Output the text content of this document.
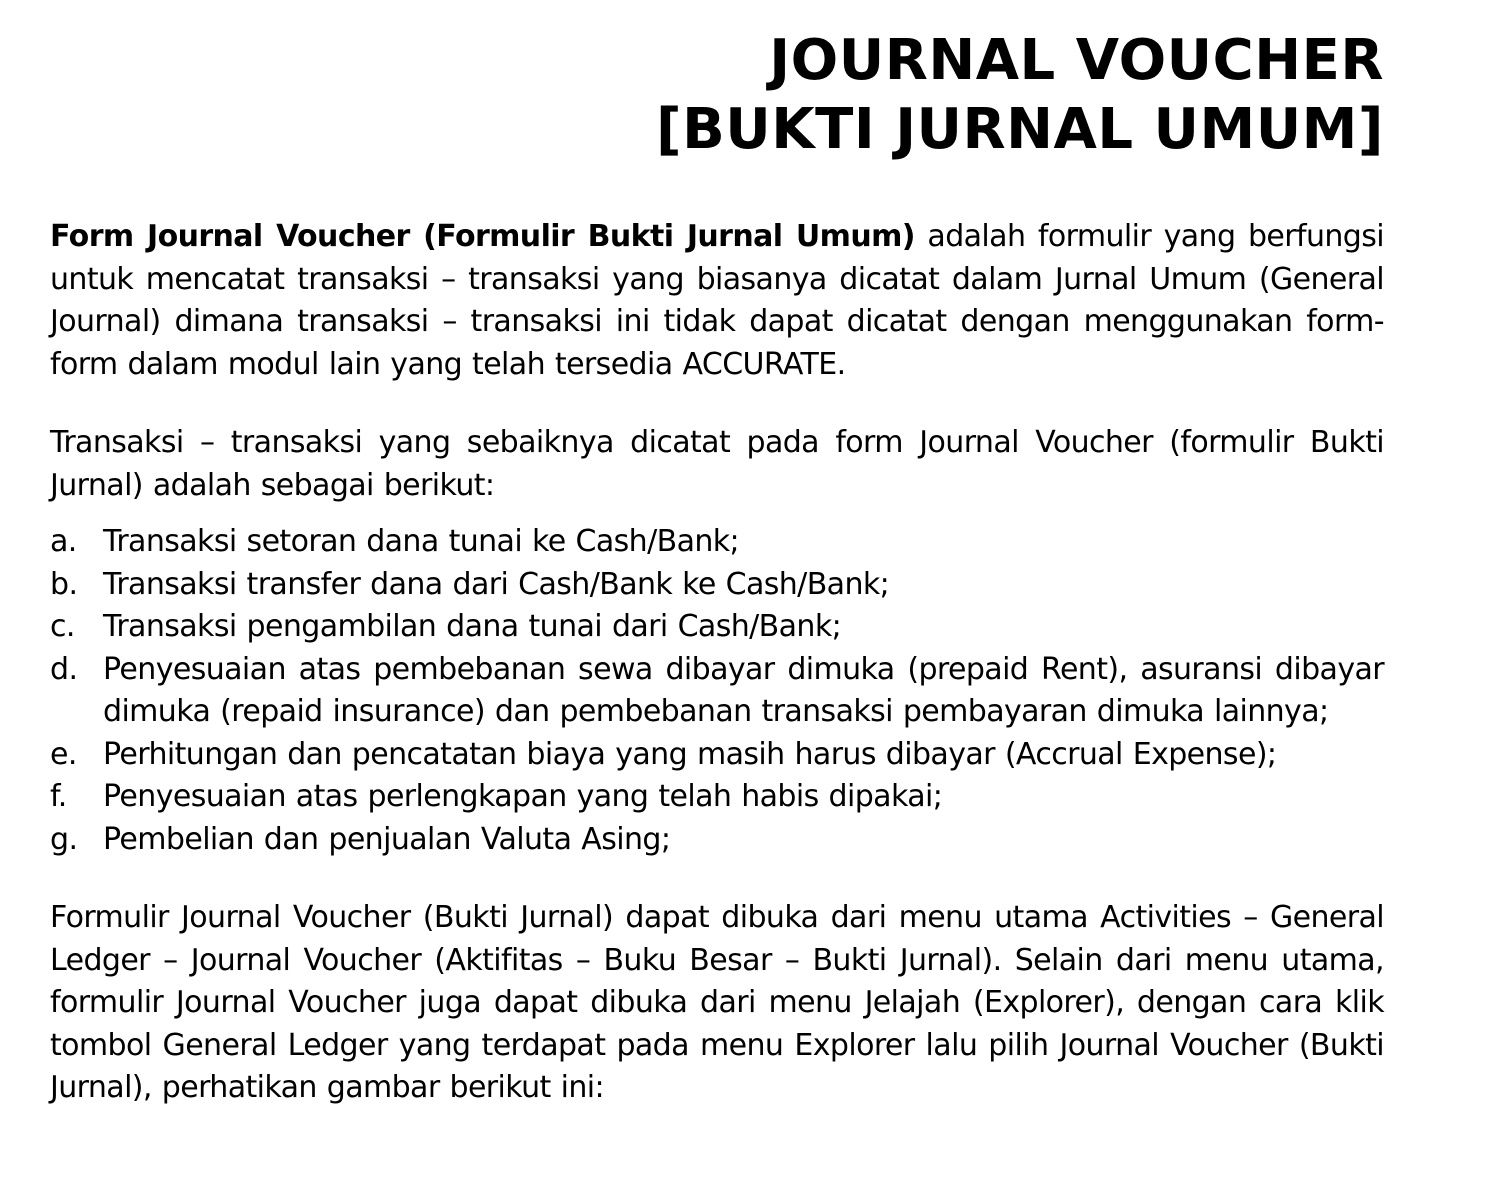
JOURNAL VOUCHER
[BUKTI JURNAL UMUM]

Form Journal Voucher (Formulir Bukti Jurnal Umum) adalah formulir yang berfungsi untuk mencatat transaksi – transaksi yang biasanya dicatat dalam Jurnal Umum (General Journal) dimana transaksi – transaksi ini tidak dapat dicatat dengan menggunakan form-form dalam modul lain yang telah tersedia ACCURATE.

Transaksi – transaksi yang sebaiknya dicatat pada form Journal Voucher (formulir Bukti Jurnal) adalah sebagai berikut:

a. Transaksi setoran dana tunai ke Cash/Bank;
b. Transaksi transfer dana dari Cash/Bank ke Cash/Bank;
c. Transaksi pengambilan dana tunai dari Cash/Bank;
d. Penyesuaian atas pembebanan sewa dibayar dimuka (prepaid Rent), asuransi dibayar dimuka (repaid insurance) dan pembebanan transaksi pembayaran dimuka lainnya;
e. Perhitungan dan pencatatan biaya yang masih harus dibayar (Accrual Expense);
f. Penyesuaian atas perlengkapan yang telah habis dipakai;
g. Pembelian dan penjualan Valuta Asing;

Formulir Journal Voucher (Bukti Jurnal) dapat dibuka dari menu utama Activities – General Ledger – Journal Voucher (Aktifitas – Buku Besar – Bukti Jurnal). Selain dari menu utama, formulir Journal Voucher juga dapat dibuka dari menu Jelajah (Explorer), dengan cara klik tombol General Ledger yang terdapat pada menu Explorer lalu pilih Journal Voucher (Bukti Jurnal), perhatikan gambar berikut ini:
